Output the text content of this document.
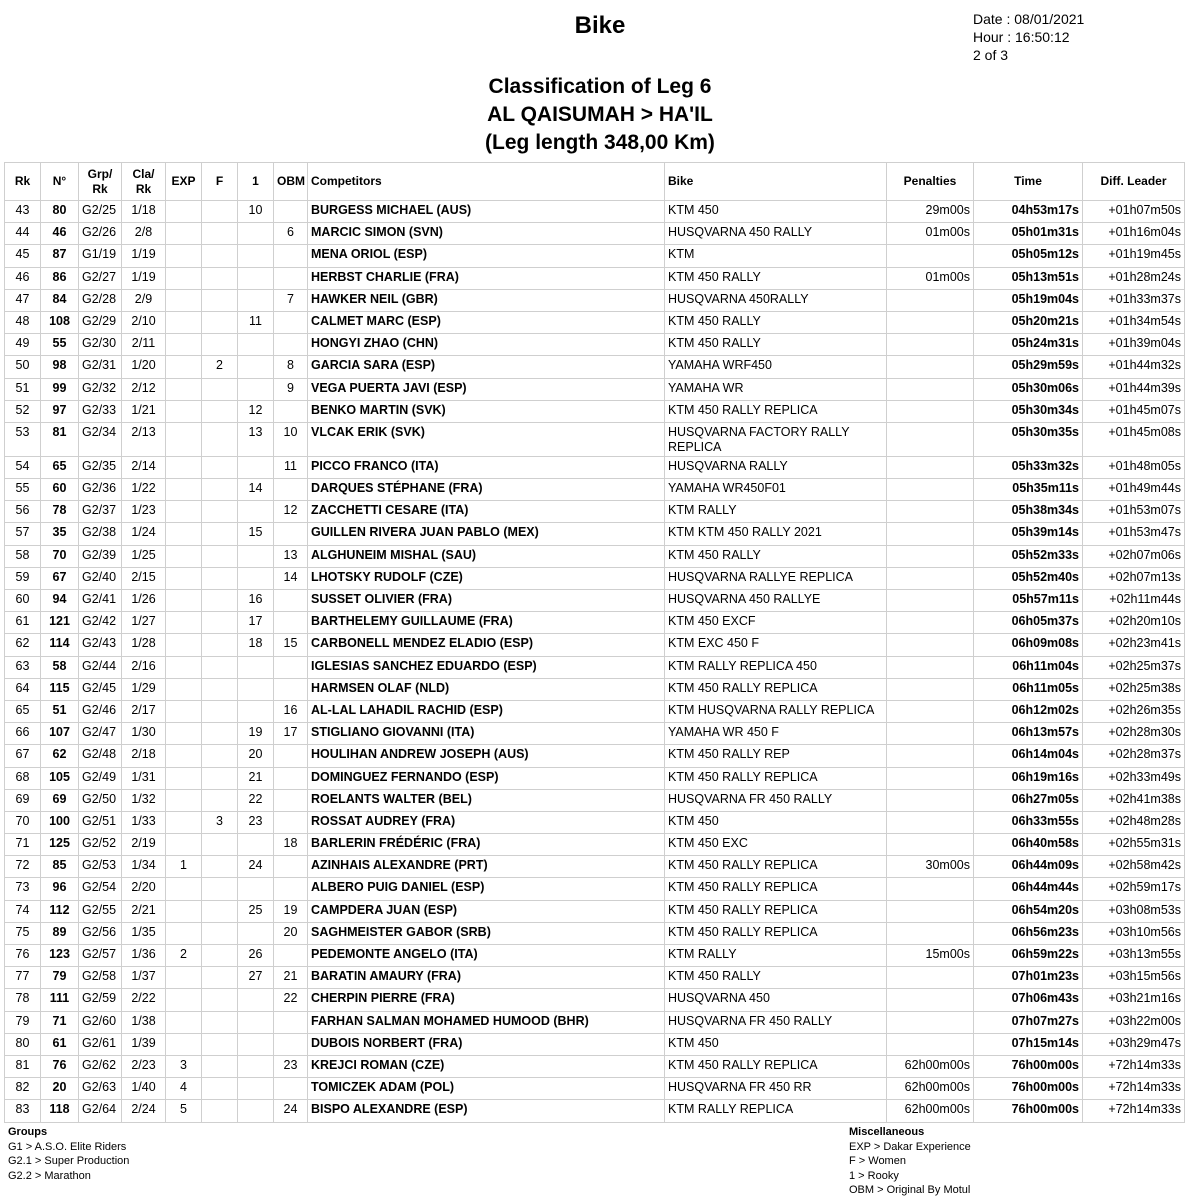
Bike	Date : 08/01/2021
Hour : 16:50:12
2 of 3
Classification of Leg 6
AL QAISUMAH > HA'IL
(Leg length 348,00 Km)
Rk	N°	Grp/ Rk	Cla/ Rk	EXP	F	1	OBM	Competitors	Bike	Penalties	Time	Diff. Leader
43	80	G2/25	1/18			10		BURGESS MICHAEL (AUS)	KTM 450	29m00s	04h53m17s	+01h07m50s
44	46	G2/26	2/8				6	MARCIC SIMON (SVN)	HUSQVARNA 450 RALLY	01m00s	05h01m31s	+01h16m04s
45	87	G1/19	1/19					MENA ORIOL (ESP)	KTM		05h05m12s	+01h19m45s
46	86	G2/27	1/19					HERBST CHARLIE (FRA)	KTM 450 RALLY	01m00s	05h13m51s	+01h28m24s
47	84	G2/28	2/9				7	HAWKER NEIL (GBR)	HUSQVARNA 450RALLY		05h19m04s	+01h33m37s
48	108	G2/29	2/10			11		CALMET MARC (ESP)	KTM 450 RALLY		05h20m21s	+01h34m54s
49	55	G2/30	2/11					HONGYI ZHAO (CHN)	KTM 450 RALLY		05h24m31s	+01h39m04s
50	98	G2/31	1/20		2		8	GARCIA SARA (ESP)	YAMAHA WRF450		05h29m59s	+01h44m32s
51	99	G2/32	2/12				9	VEGA PUERTA JAVI (ESP)	YAMAHA WR		05h30m06s	+01h44m39s
52	97	G2/33	1/21			12		BENKO MARTIN (SVK)	KTM 450 RALLY REPLICA		05h30m34s	+01h45m07s
53	81	G2/34	2/13			13	10	VLCAK ERIK (SVK)	HUSQVARNA FACTORY RALLY REPLICA		05h30m35s	+01h45m08s
54	65	G2/35	2/14				11	PICCO FRANCO (ITA)	HUSQVARNA RALLY		05h33m32s	+01h48m05s
55	60	G2/36	1/22			14		DARQUES STÉPHANE (FRA)	YAMAHA WR450F01		05h35m11s	+01h49m44s
56	78	G2/37	1/23				12	ZACCHETTI CESARE (ITA)	KTM RALLY		05h38m34s	+01h53m07s
57	35	G2/38	1/24			15		GUILLEN RIVERA JUAN PABLO (MEX)	KTM KTM 450 RALLY 2021		05h39m14s	+01h53m47s
58	70	G2/39	1/25				13	ALGHUNEIM MISHAL (SAU)	KTM 450 RALLY		05h52m33s	+02h07m06s
59	67	G2/40	2/15				14	LHOTSKY RUDOLF (CZE)	HUSQVARNA RALLYE REPLICA		05h52m40s	+02h07m13s
60	94	G2/41	1/26			16		SUSSET OLIVIER (FRA)	HUSQVARNA 450 RALLYE		05h57m11s	+02h11m44s
61	121	G2/42	1/27			17		BARTHELEMY GUILLAUME (FRA)	KTM 450 EXCF		06h05m37s	+02h20m10s
62	114	G2/43	1/28			18	15	CARBONELL MENDEZ ELADIO (ESP)	KTM EXC 450 F		06h09m08s	+02h23m41s
63	58	G2/44	2/16					IGLESIAS SANCHEZ EDUARDO (ESP)	KTM RALLY REPLICA 450		06h11m04s	+02h25m37s
64	115	G2/45	1/29					HARMSEN OLAF (NLD)	KTM 450 RALLY REPLICA		06h11m05s	+02h25m38s
65	51	G2/46	2/17				16	AL-LAL LAHADIL RACHID (ESP)	KTM HUSQVARNA RALLY REPLICA		06h12m02s	+02h26m35s
66	107	G2/47	1/30			19	17	STIGLIANO GIOVANNI (ITA)	YAMAHA WR 450 F		06h13m57s	+02h28m30s
67	62	G2/48	2/18			20		HOULIHAN ANDREW JOSEPH (AUS)	KTM 450 RALLY REP		06h14m04s	+02h28m37s
68	105	G2/49	1/31			21		DOMINGUEZ FERNANDO (ESP)	KTM 450 RALLY REPLICA		06h19m16s	+02h33m49s
69	69	G2/50	1/32			22		ROELANTS WALTER (BEL)	HUSQVARNA FR 450 RALLY		06h27m05s	+02h41m38s
70	100	G2/51	1/33		3	23		ROSSAT AUDREY (FRA)	KTM 450		06h33m55s	+02h48m28s
71	125	G2/52	2/19				18	BARLERIN FRÉDÉRIC (FRA)	KTM 450 EXC		06h40m58s	+02h55m31s
72	85	G2/53	1/34	1		24		AZINHAIS ALEXANDRE (PRT)	KTM 450 RALLY REPLICA	30m00s	06h44m09s	+02h58m42s
73	96	G2/54	2/20					ALBERO PUIG DANIEL (ESP)	KTM 450 RALLY REPLICA		06h44m44s	+02h59m17s
74	112	G2/55	2/21			25	19	CAMPDERA JUAN (ESP)	KTM 450 RALLY REPLICA		06h54m20s	+03h08m53s
75	89	G2/56	1/35				20	SAGHMEISTER GABOR (SRB)	KTM 450 RALLY REPLICA		06h56m23s	+03h10m56s
76	123	G2/57	1/36	2		26		PEDEMONTE ANGELO (ITA)	KTM RALLY	15m00s	06h59m22s	+03h13m55s
77	79	G2/58	1/37			27	21	BARATIN AMAURY (FRA)	KTM 450 RALLY		07h01m23s	+03h15m56s
78	111	G2/59	2/22				22	CHERPIN PIERRE (FRA)	HUSQVARNA 450		07h06m43s	+03h21m16s
79	71	G2/60	1/38					FARHAN SALMAN MOHAMED HUMOOD (BHR)	HUSQVARNA FR 450 RALLY		07h07m27s	+03h22m00s
80	61	G2/61	1/39					DUBOIS NORBERT (FRA)	KTM 450		07h15m14s	+03h29m47s
81	76	G2/62	2/23	3			23	KREJCI ROMAN (CZE)	KTM 450 RALLY REPLICA	62h00m00s	76h00m00s	+72h14m33s
82	20	G2/63	1/40	4				TOMICZEK ADAM (POL)	HUSQVARNA FR 450 RR	62h00m00s	76h00m00s	+72h14m33s
83	118	G2/64	2/24	5			24	BISPO ALEXANDRE (ESP)	KTM RALLY REPLICA	62h00m00s	76h00m00s	+72h14m33s
Groups
G1 > A.S.O. Elite Riders
G2.1 > Super Production
G2.2 > Marathon
Miscellaneous
EXP > Dakar Experience
F > Women
1 > Rooky
OBM > Original By Motul
